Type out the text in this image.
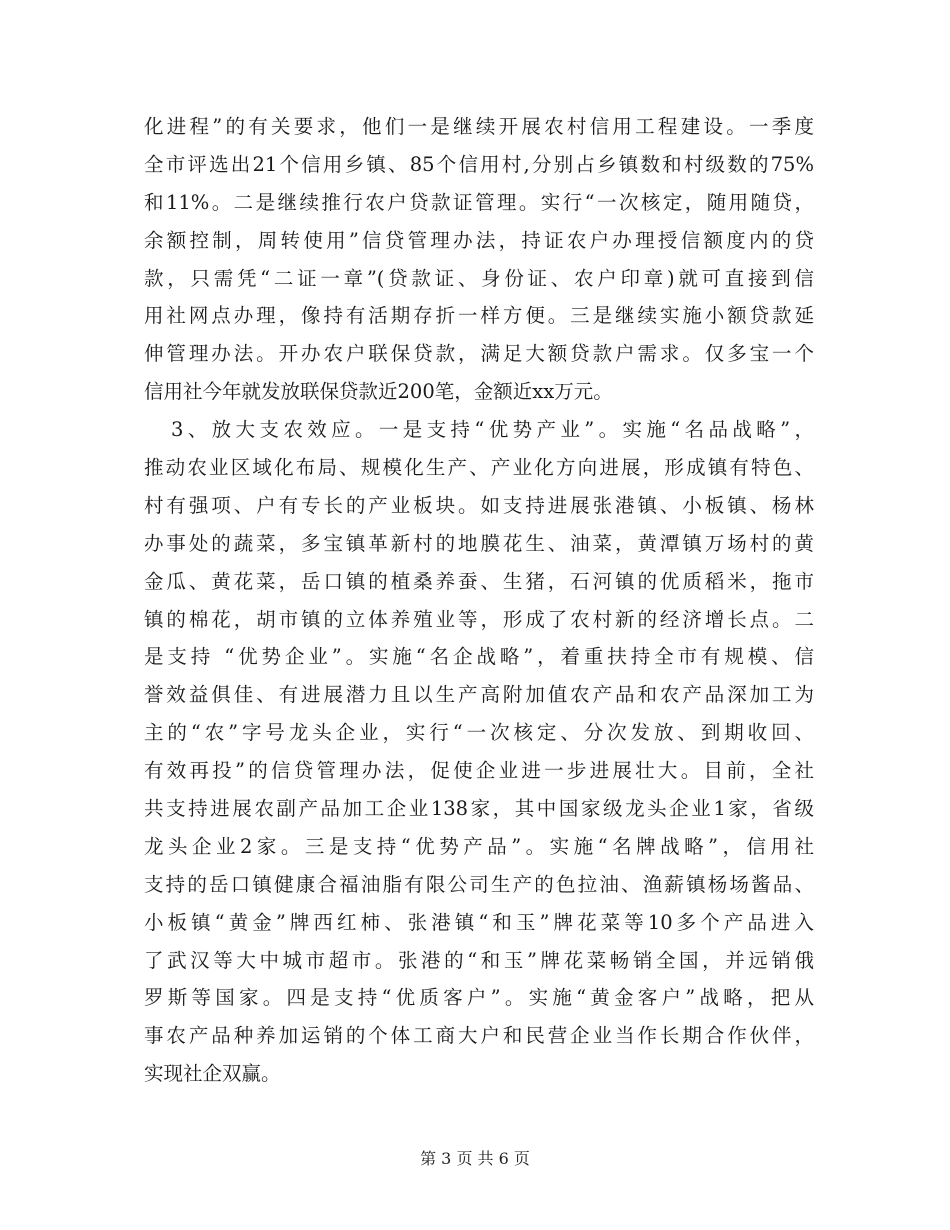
化进程”的有关要求，他们一是继续开展农村信用工程建设。一季度
全市评选出21个信用乡镇、85个信用村,分别占乡镇数和村级数的75%
和11%。二是继续推行农户贷款证管理。实行“一次核定，随用随贷，
余额控制，周转使用”信贷管理办法，持证农户办理授信额度内的贷
款，只需凭“二证一章”(贷款证、身份证、农户印章)就可直接到信
用社网点办理，像持有活期存折一样方便。三是继续实施小额贷款延
伸管理办法。开办农户联保贷款，满足大额贷款户需求。仅多宝一个
信用社今年就发放联保贷款近200笔，金额近xx万元。
3、放大支农效应。一是支持“优势产业”。实施“名品战略”，
推动农业区域化布局、规模化生产、产业化方向进展，形成镇有特色、
村有强项、户有专长的产业板块。如支持进展张港镇、小板镇、杨林
办事处的蔬菜，多宝镇革新村的地膜花生、油菜，黄潭镇万场村的黄
金瓜、黄花菜，岳口镇的植桑养蚕、生猪，石河镇的优质稻米，拖市
镇的棉花，胡市镇的立体养殖业等，形成了农村新的经济增长点。二
是支持 “优势企业”。实施“名企战略”，着重扶持全市有规模、信
誉效益俱佳、有进展潜力且以生产高附加值农产品和农产品深加工为
主的“农”字号龙头企业，实行“一次核定、分次发放、到期收回、
有效再投”的信贷管理办法，促使企业进一步进展壮大。目前，全社
共支持进展农副产品加工企业138家，其中国家级龙头企业1家，省级
龙头企业2家。三是支持“优势产品”。实施“名牌战略”，信用社
支持的岳口镇健康合福油脂有限公司生产的色拉油、渔薪镇杨场酱品、
小板镇“黄金”牌西红柿、张港镇“和玉”牌花菜等10多个产品进入
了武汉等大中城市超市。张港的“和玉”牌花菜畅销全国，并远销俄
罗斯等国家。四是支持“优质客户”。实施“黄金客户”战略，把从
事农产品种养加运销的个体工商大户和民营企业当作长期合作伙伴，
实现社企双赢。
第 3 页 共 6 页
